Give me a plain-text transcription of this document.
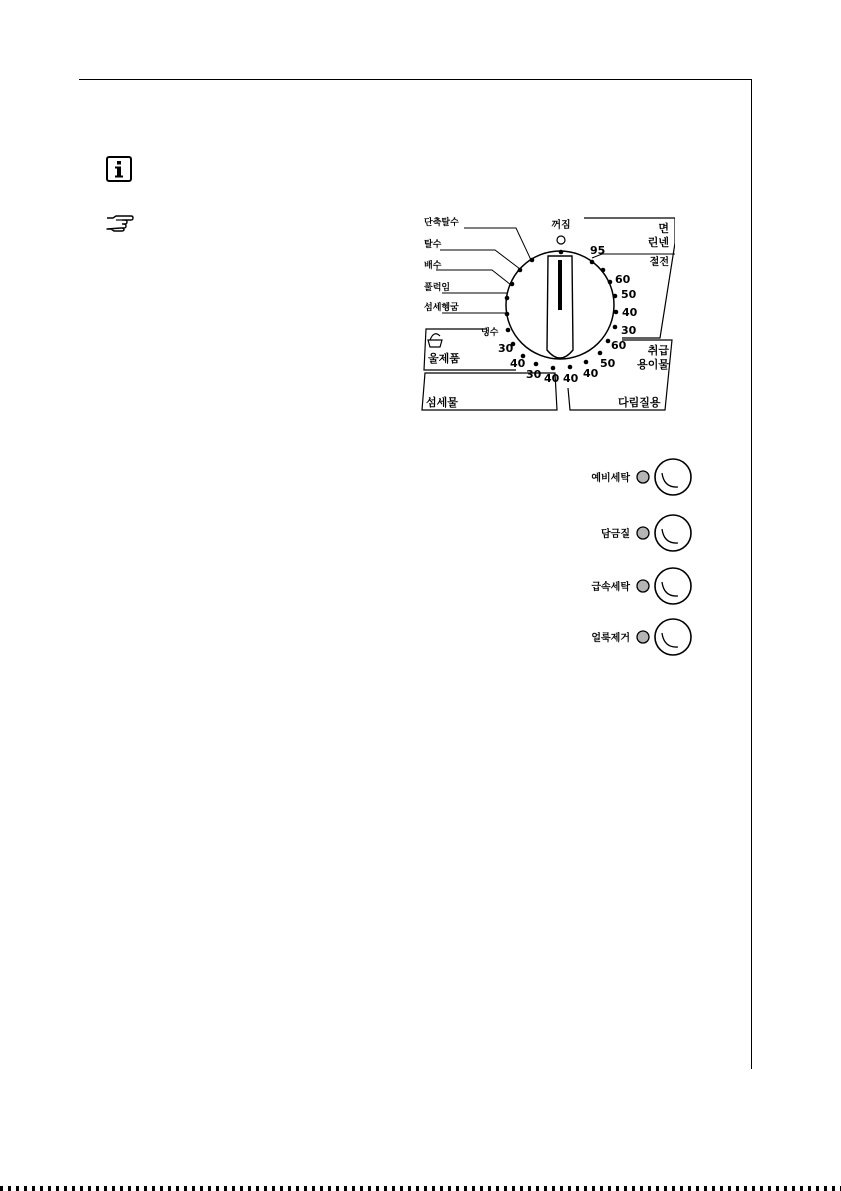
꺼짐
단축탈수
탈수
배수
풀럭임
섬세헹굼
면
린넨
절전
95
60
50
40
30
취급
용이물
60
50
40
40
다림질용
냉수
30
40
울제품
30 40
섬세물
예비세탁
담금질
급속세탁
얼룩제거
